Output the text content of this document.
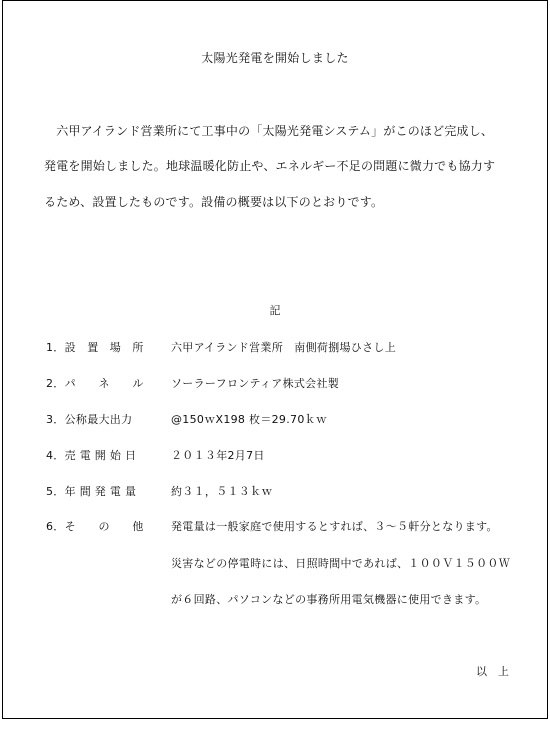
太陽光発電を開始しました
　六甲アイランド営業所にて工事中の「太陽光発電システム」がこのほど完成し、
発電を開始しました。地球温暖化防止や、エネルギー不足の問題に微力でも協力す
るため、設置したものです。設備の概要は以下のとおりです。
記
1．設　置　場　所 六甲アイランド営業所　南側荷捌場ひさし上
2．パ　　ネ　　ル ソーラーフロンティア株式会社製
3．公称最大出力	@150ｗX198 枚＝29.70ｋｗ
4．売 電 開 始 日	２０１３年2月7日
5．年 間 発 電 量	約３１，５１３ｋｗ
6．そ　　の　　他 発電量は一般家庭で使用するとすれば、３～５軒分となります。
災害などの停電時には、日照時間中であれば、１００Ｖ１５００Ｗ
が６回路、パソコンなどの事務所用電気機器に使用できます。
以　上
